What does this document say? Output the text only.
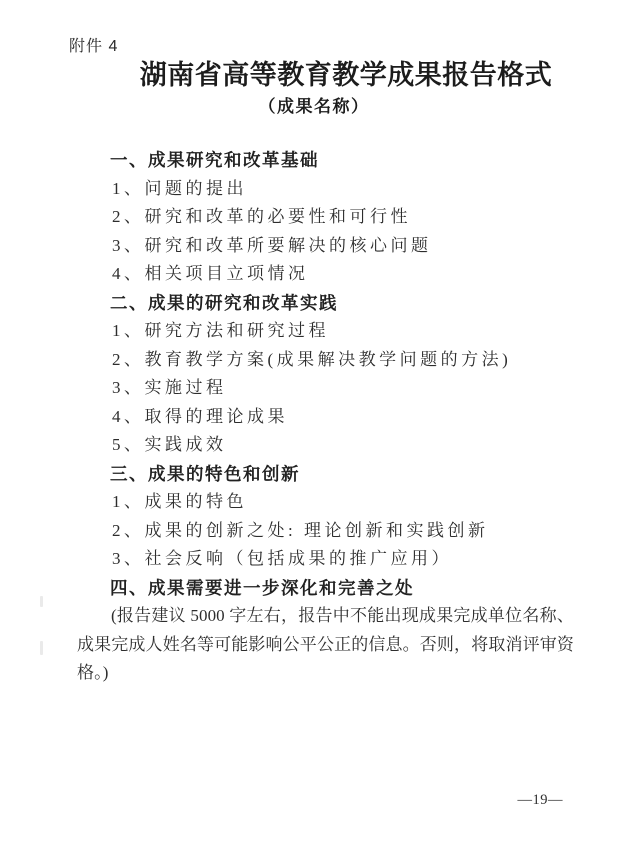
附件 4
湖南省高等教育教学成果报告格式
（成果名称）
一、成果研究和改革基础
1、问题的提出
2、研究和改革的必要性和可行性
3、研究和改革所要解决的核心问题
4、相关项目立项情况
二、成果的研究和改革实践
1、研究方法和研究过程
2、教育教学方案(成果解决教学问题的方法)
3、实施过程
4、取得的理论成果
5、实践成效
三、成果的特色和创新
1、成果的特色
2、成果的创新之处: 理论创新和实践创新
3、社会反响（包括成果的推广应用）
四、成果需要进一步深化和完善之处
(报告建议 5000 字左右，报告中不能出现成果完成单位名称、成果完成人姓名等可能影响公平公正的信息。否则，将取消评审资格。)
—19—
